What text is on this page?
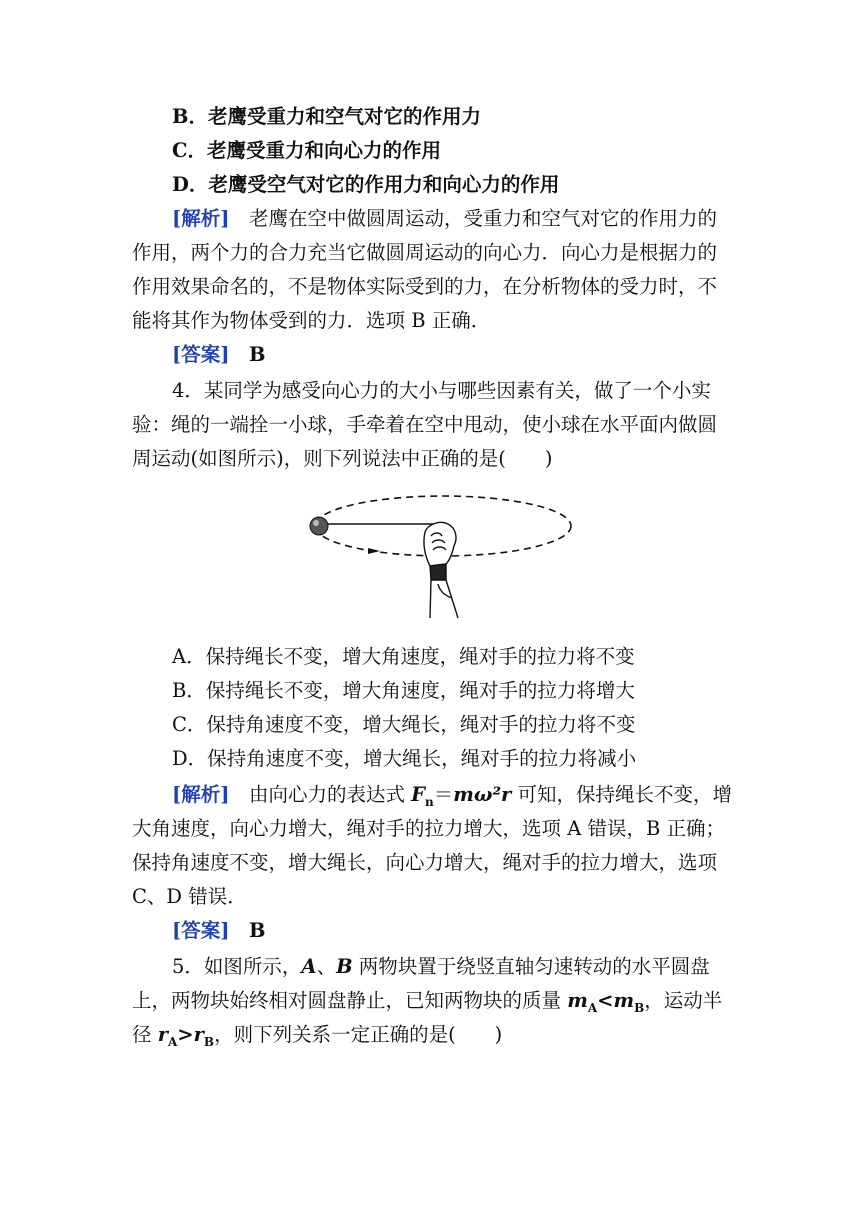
B．老鹰受重力和空气对它的作用力
C．老鹰受重力和向心力的作用
D．老鹰受空气对它的作用力和向心力的作用
[解析]　老鹰在空中做圆周运动，受重力和空气对它的作用力的
作用，两个力的合力充当它做圆周运动的向心力．向心力是根据力的
作用效果命名的，不是物体实际受到的力，在分析物体的受力时，不
能将其作为物体受到的力．选项 B 正确．
[答案]　 B
4．某同学为感受向心力的大小与哪些因素有关，做了一个小实
验：绳的一端拴一小球，手牵着在空中甩动，使小球在水平面内做圆
周运动(如图所示)，则下列说法中正确的是(　　)
A．保持绳长不变，增大角速度，绳对手的拉力将不变
B．保持绳长不变，增大角速度，绳对手的拉力将增大
C．保持角速度不变，增大绳长，绳对手的拉力将不变
D．保持角速度不变，增大绳长，绳对手的拉力将减小
[解析]　由向心力的表达式 $F_n=m\omega^2r$ 可知，保持绳长不变，增
大角速度，向心力增大，绳对手的拉力增大，选项 A 错误，B 正确；
保持角速度不变，增大绳长，向心力增大，绳对手的拉力增大，选项
C、D 错误．
[答案]　 B
5．如图所示，A、B 两物块置于绕竖直轴匀速转动的水平圆盘
上，两物块始终相对圆盘静止，已知两物块的质量 $m_A<m_B$，运动半
径 $r_A>r_B$，则下列关系一定正确的是(　　)
